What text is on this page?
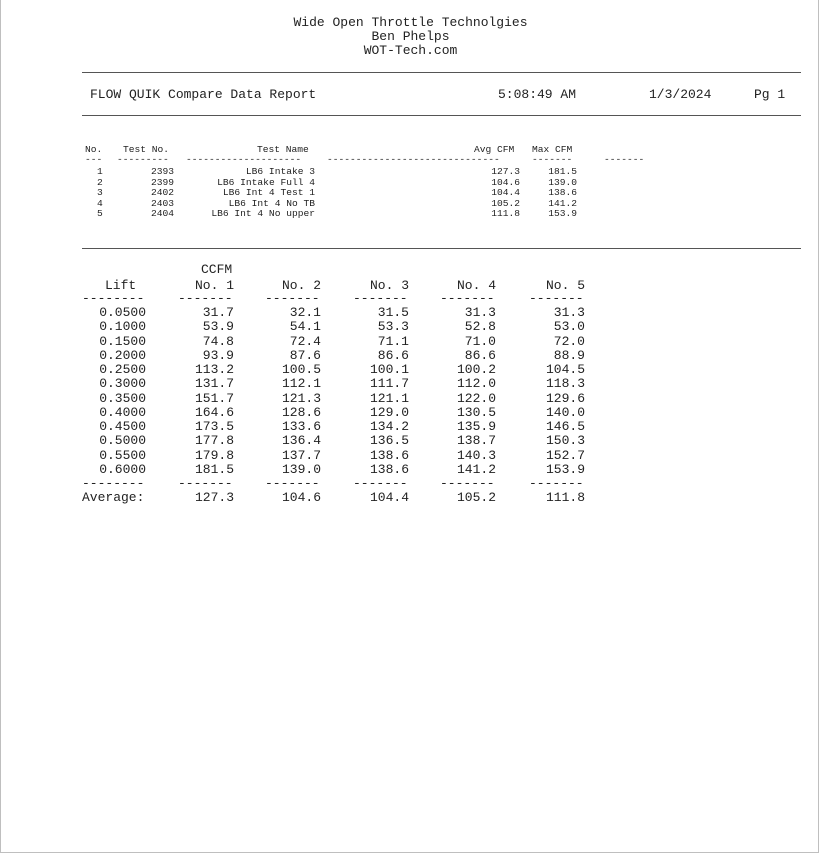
Wide Open Throttle Technolgies
Ben Phelps
WOT-Tech.com
FLOW QUIK Compare Data Report	5:08:49 AM	1/3/2024	Pg 1
No. Test No.	Test Name	Avg CFM Max CFM
--- --------- --------------------	------------------------------	-------	-------
1	2393	LB6 Intake 3	127.3	181.5
2	2399	LB6 Intake Full 4	104.6	139.0
3	2402	LB6 Int 4 Test 1	104.4	138.6
4	2403	LB6 Int 4 No TB	105.2	141.2
5	2404	LB6 Int 4 No upper	111.8	153.9
CCFM
Lift	No. 1	No. 2	No. 3	No. 4	No. 5
--------	------- -------	------- -------	-------
0.0500	31.7	32.1	31.5	31.3	31.3
0.1000	53.9	54.1	53.3	52.8	53.0
0.1500	74.8	72.4	71.1	71.0	72.0
0.2000	93.9	87.6	86.6	86.6	88.9
0.2500	113.2	100.5	100.1	100.2	104.5
0.3000	131.7	112.1	111.7	112.0	118.3
0.3500	151.7	121.3	121.1	122.0	129.6
0.4000	164.6	128.6	129.0	130.5	140.0
0.4500	173.5	133.6	134.2	135.9	146.5
0.5000	177.8	136.4	136.5	138.7	150.3
0.5500	179.8	137.7	138.6	140.3	152.7
0.6000	181.5	139.0	138.6	141.2	153.9
--------	------- -------	------- -------	-------
Average:	127.3	104.6	104.4	105.2	111.8
